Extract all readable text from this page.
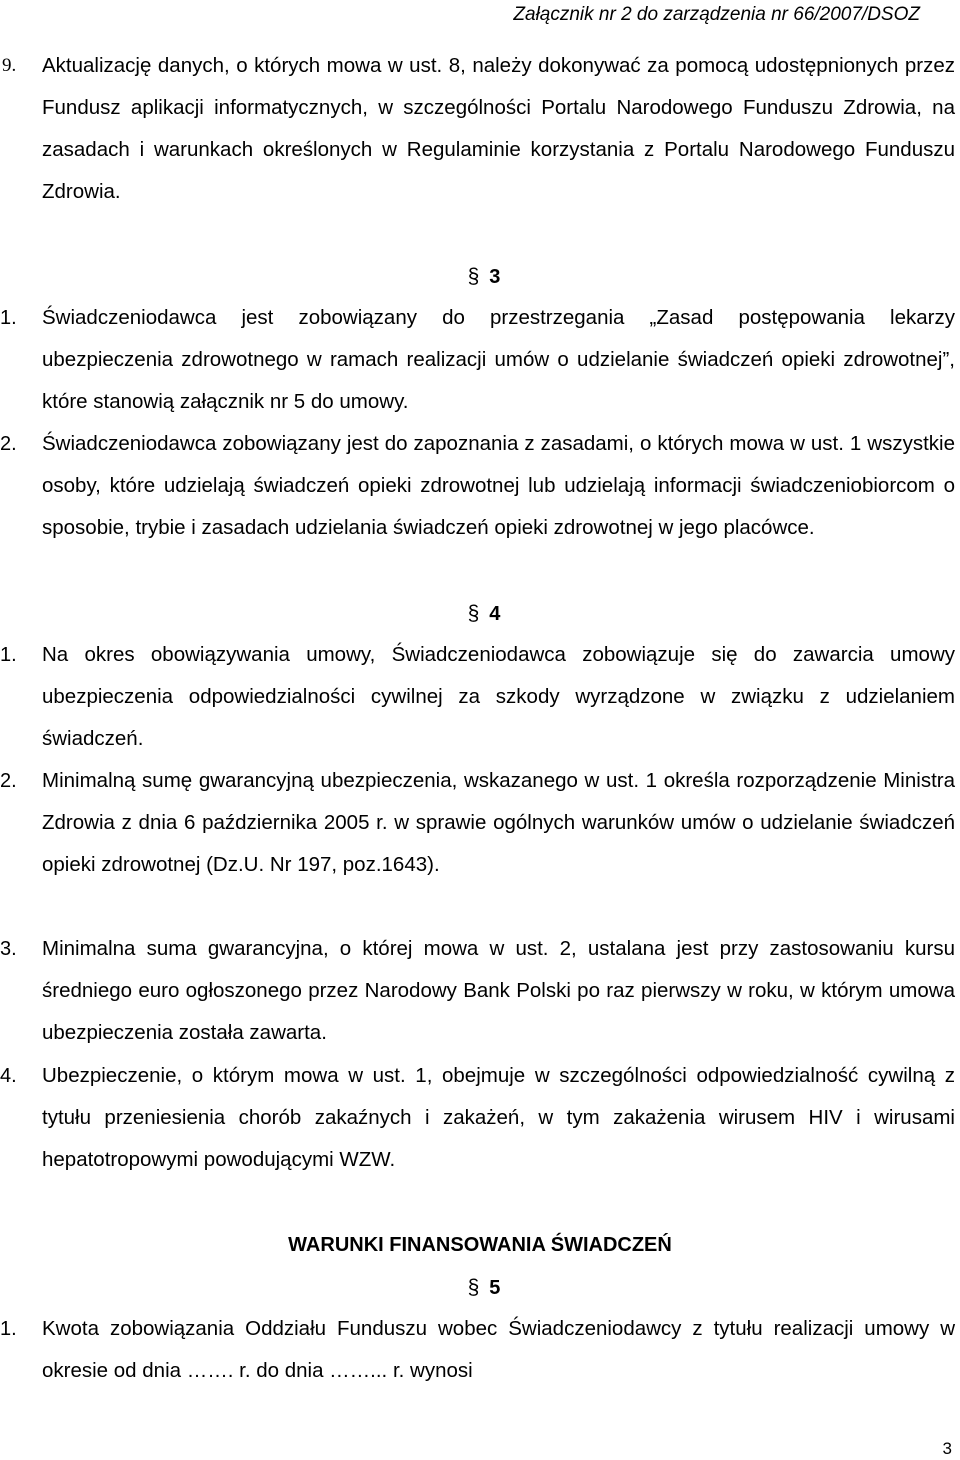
Załącznik nr 2 do zarządzenia nr 66/2007/DSOZ
9.	Aktualizację danych, o których mowa w ust. 8, należy dokonywać za pomocą udostępnionych przez Fundusz aplikacji informatycznych, w szczególności Portalu Narodowego Funduszu Zdrowia, na zasadach i warunkach określonych w Regulaminie korzystania z Portalu Narodowego Funduszu Zdrowia.
§ 3
1.	Świadczeniodawca jest zobowiązany do przestrzegania „Zasad postępowania lekarzy ubezpieczenia zdrowotnego w ramach realizacji umów o udzielanie świadczeń opieki zdrowotnej”, które stanowią załącznik nr 5 do umowy.
2.	Świadczeniodawca zobowiązany jest do zapoznania z zasadami, o których mowa w ust. 1 wszystkie osoby, które udzielają świadczeń opieki zdrowotnej lub udzielają informacji świadczeniobiorcom o sposobie, trybie i zasadach udzielania świadczeń opieki zdrowotnej w jego placówce.
§ 4
1.	Na okres obowiązywania umowy, Świadczeniodawca zobowiązuje się do zawarcia umowy ubezpieczenia odpowiedzialności cywilnej za szkody wyrządzone w związku z udzielaniem świadczeń.
2.	Minimalną sumę gwarancyjną ubezpieczenia, wskazanego w ust. 1 określa rozporządzenie Ministra Zdrowia z dnia 6 października 2005 r. w sprawie ogólnych warunków umów o udzielanie świadczeń opieki zdrowotnej (Dz.U. Nr 197, poz.1643).
3.	Minimalna suma gwarancyjna, o której mowa w ust. 2, ustalana jest przy zastosowaniu kursu średniego euro ogłoszonego przez Narodowy Bank Polski po raz pierwszy w roku, w którym umowa ubezpieczenia została zawarta.
4.	Ubezpieczenie, o którym mowa w ust. 1, obejmuje w szczególności odpowiedzialność cywilną z tytułu przeniesienia chorób zakaźnych i zakażeń, w tym zakażenia wirusem HIV i wirusami hepatotropowymi powodującymi WZW.
WARUNKI FINANSOWANIA ŚWIADCZEŃ
§ 5
1.	Kwota zobowiązania Oddziału Funduszu wobec Świadczeniodawcy z tytułu realizacji umowy w okresie od dnia ……. r. do dnia ……... r. wynosi
3
